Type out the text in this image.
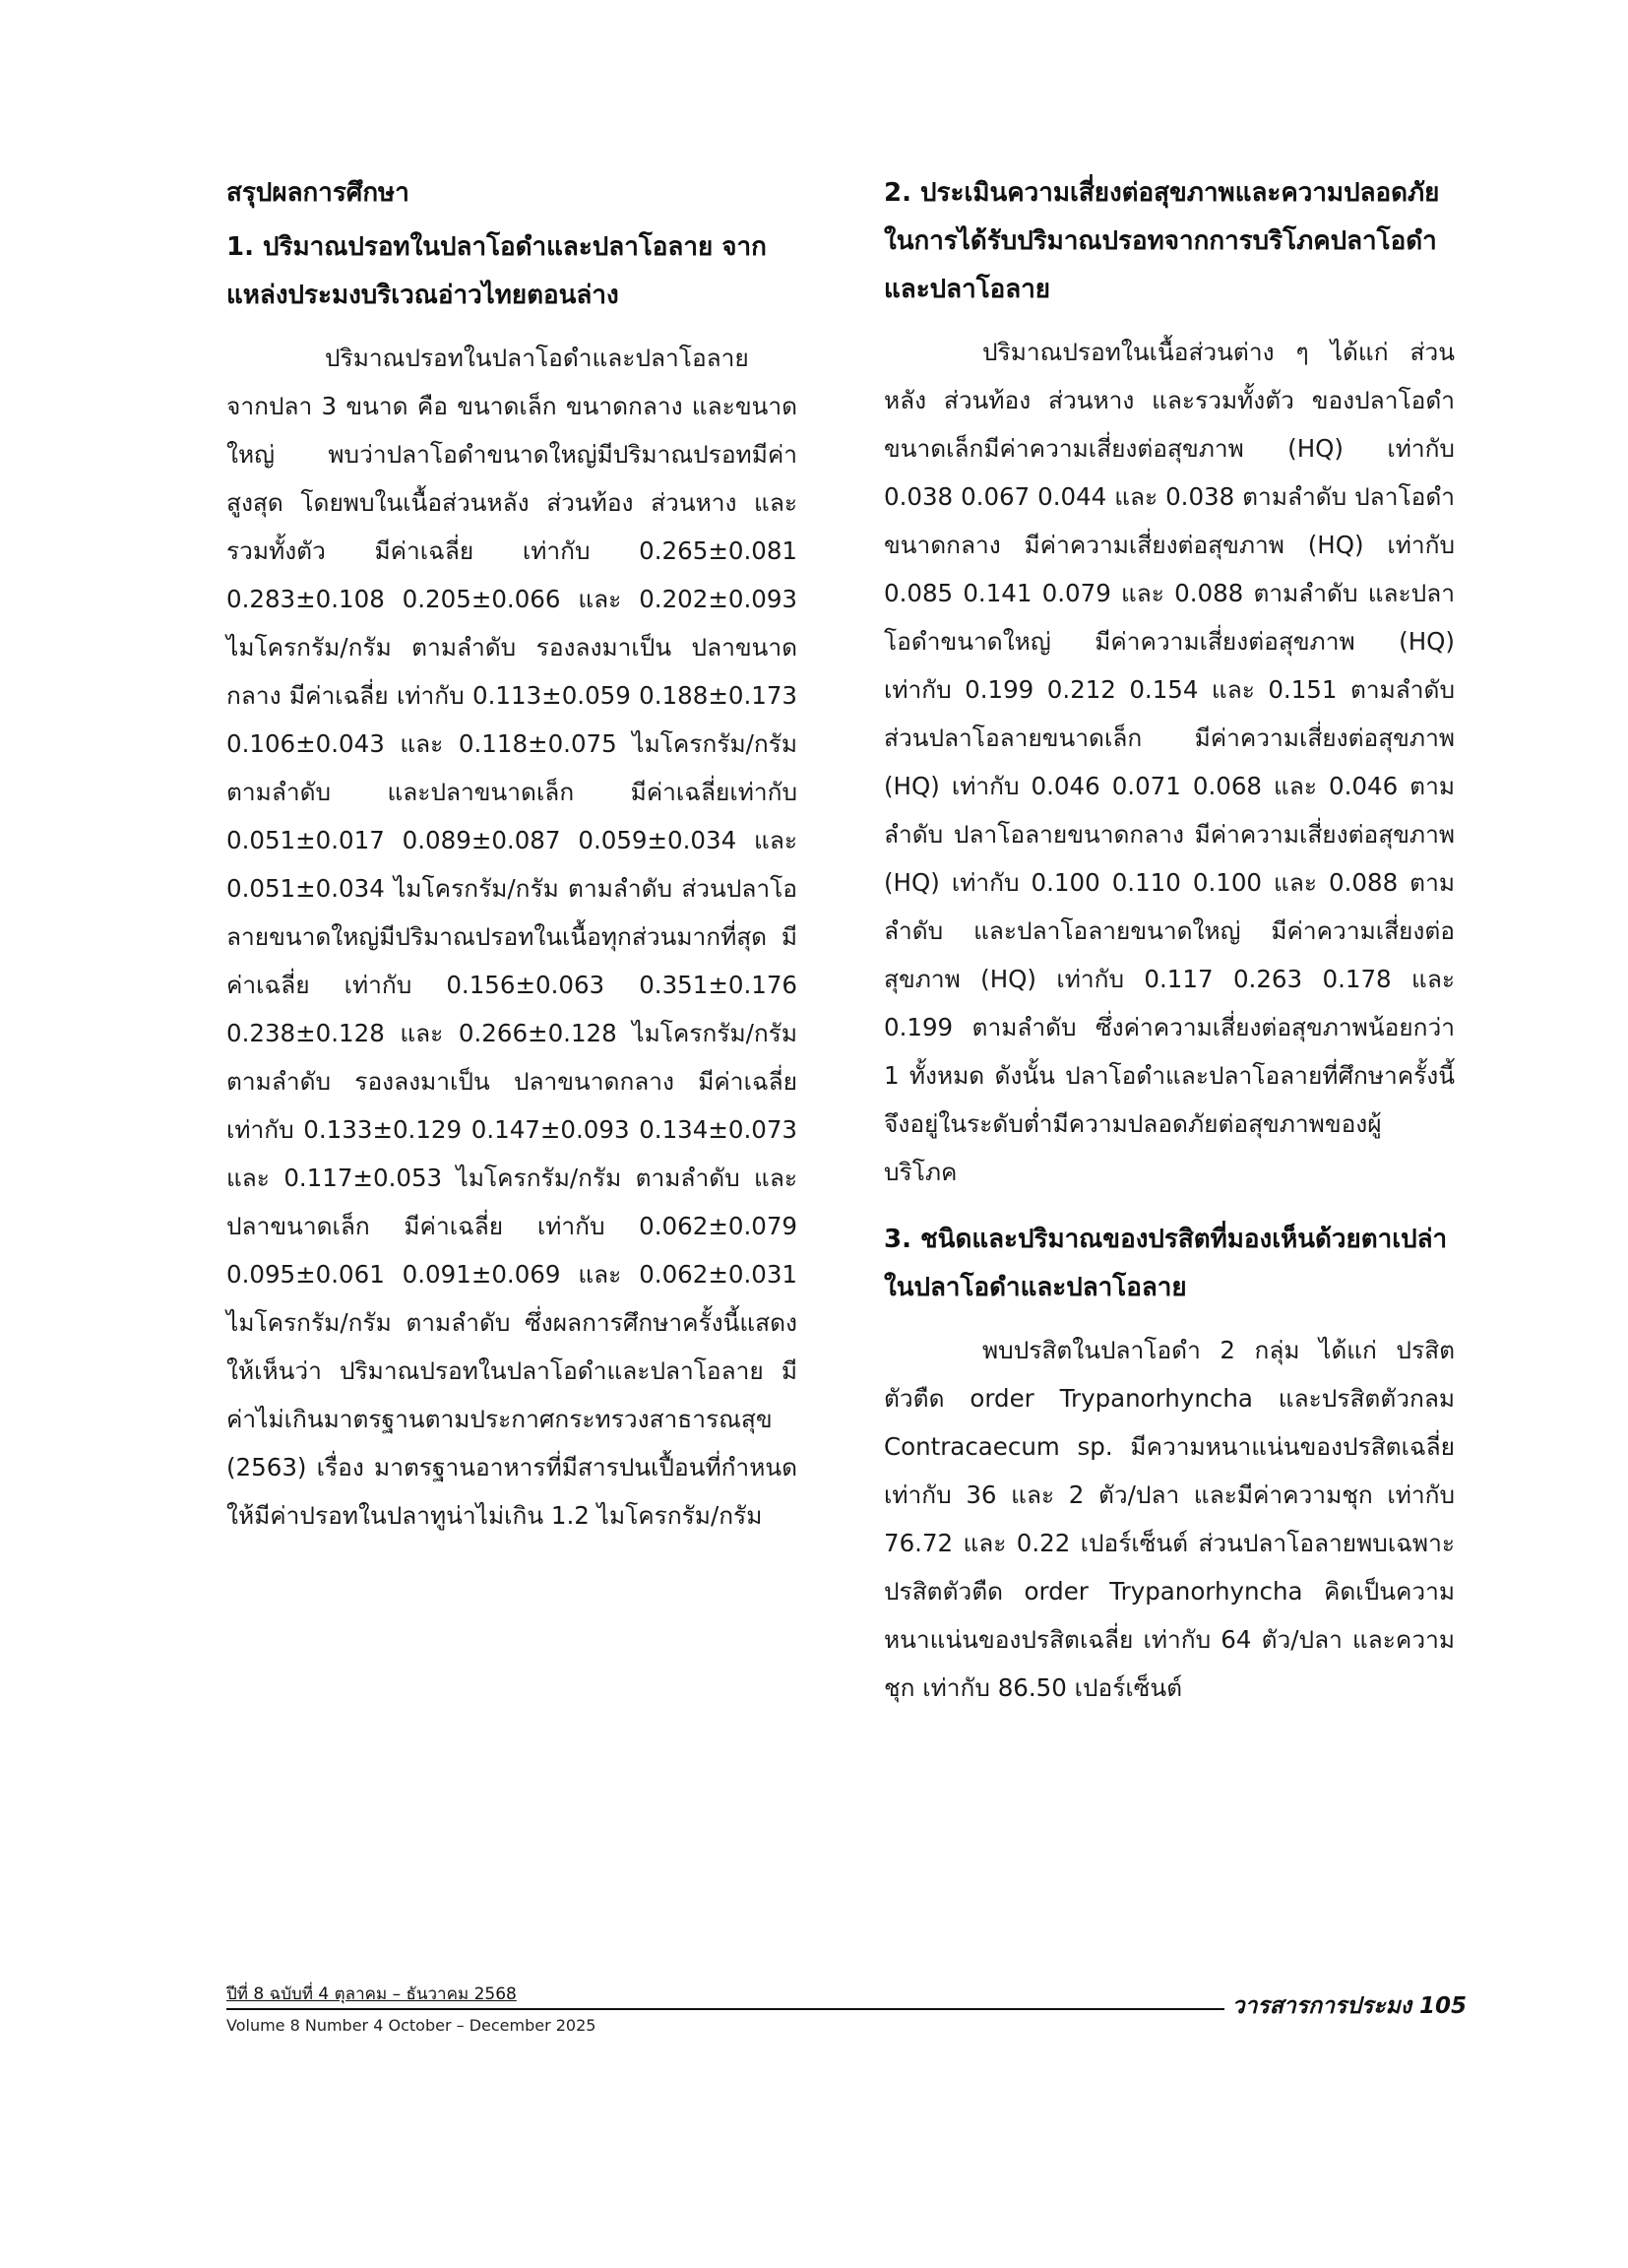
สรุปผลการศึกษา
1. ปริมาณปรอทในปลาโอดำและปลาโอลาย จากแหล่งประมงบริเวณอ่าวไทยตอนล่าง

ปริมาณปรอทในปลาโอดำและปลาโอลาย จากปลา 3 ขนาด คือ ขนาดเล็ก ขนาดกลาง และขนาดใหญ่ พบว่าปลาโอดำขนาดใหญ่มีปริมาณปรอทมีค่าสูงสุด โดยพบในเนื้อส่วนหลัง ส่วนท้อง ส่วนหาง และรวมทั้งตัว มีค่าเฉลี่ย เท่ากับ 0.265±0.081 0.283±0.108 0.205±0.066 และ 0.202±0.093 ไมโครกรัม/กรัม ตามลำดับ รองลงมาเป็น ปลาขนาดกลาง มีค่าเฉลี่ย เท่ากับ 0.113±0.059 0.188±0.173 0.106±0.043 และ 0.118±0.075 ไมโครกรัม/กรัม ตามลำดับ และปลาขนาดเล็ก มีค่าเฉลี่ยเท่ากับ 0.051±0.017 0.089±0.087 0.059±0.034 และ 0.051±0.034 ไมโครกรัม/กรัม ตามลำดับ ส่วนปลาโอลายขนาดใหญ่มีปริมาณปรอทในเนื้อทุกส่วนมากที่สุด มีค่าเฉลี่ย เท่ากับ 0.156±0.063 0.351±0.176 0.238±0.128 และ 0.266±0.128 ไมโครกรัม/กรัม ตามลำดับ รองลงมาเป็น ปลาขนาดกลาง มีค่าเฉลี่ย เท่ากับ 0.133±0.129 0.147±0.093 0.134±0.073 และ 0.117±0.053 ไมโครกรัม/กรัม ตามลำดับ และปลาขนาดเล็ก มีค่าเฉลี่ย เท่ากับ 0.062±0.079 0.095±0.061 0.091±0.069 และ 0.062±0.031 ไมโครกรัม/กรัม ตามลำดับ ซึ่งผลการศึกษาครั้งนี้แสดงให้เห็นว่า ปริมาณปรอทในปลาโอดำและปลาโอลาย มีค่าไม่เกินมาตรฐานตามประกาศกระทรวงสาธารณสุข (2563) เรื่อง มาตรฐานอาหารที่มีสารปนเปื้อนที่กำหนดให้มีค่าปรอทในปลาทูน่าไม่เกิน 1.2 ไมโครกรัม/กรัม

2. ประเมินความเสี่ยงต่อสุขภาพและความปลอดภัยในการได้รับปริมาณปรอทจากการบริโภคปลาโอดำและปลาโอลาย

ปริมาณปรอทในเนื้อส่วนต่าง ๆ ได้แก่ ส่วนหลัง ส่วนท้อง ส่วนหาง และรวมทั้งตัว ของปลาโอดำขนาดเล็กมีค่าความเสี่ยงต่อสุขภาพ (HQ) เท่ากับ 0.038 0.067 0.044 และ 0.038 ตามลำดับ ปลาโอดำขนาดกลาง มีค่าความเสี่ยงต่อสุขภาพ (HQ) เท่ากับ 0.085 0.141 0.079 และ 0.088 ตามลำดับ และปลาโอดำขนาดใหญ่ มีค่าความเสี่ยงต่อสุขภาพ (HQ) เท่ากับ 0.199 0.212 0.154 และ 0.151 ตามลำดับ ส่วนปลาโอลายขนาดเล็ก มีค่าความเสี่ยงต่อสุขภาพ (HQ) เท่ากับ 0.046 0.071 0.068 และ 0.046 ตามลำดับ ปลาโอลายขนาดกลาง มีค่าความเสี่ยงต่อสุขภาพ (HQ) เท่ากับ 0.100 0.110 0.100 และ 0.088 ตามลำดับ และปลาโอลายขนาดใหญ่ มีค่าความเสี่ยงต่อสุขภาพ (HQ) เท่ากับ 0.117 0.263 0.178 และ 0.199 ตามลำดับ ซึ่งค่าความเสี่ยงต่อสุขภาพน้อยกว่า 1 ทั้งหมด ดังนั้น ปลาโอดำและปลาโอลายที่ศึกษาครั้งนี้จึงอยู่ในระดับต่ำมีความปลอดภัยต่อสุขภาพของผู้บริโภค

3. ชนิดและปริมาณของปรสิตที่มองเห็นด้วยตาเปล่าในปลาโอดำและปลาโอลาย

พบปรสิตในปลาโอดำ 2 กลุ่ม ได้แก่ ปรสิตตัวตืด order Trypanorhyncha และปรสิตตัวกลม Contracaecum sp. มีความหนาแน่นของปรสิตเฉลี่ย เท่ากับ 36 และ 2 ตัว/ปลา และมีค่าความชุก เท่ากับ 76.72 และ 0.22 เปอร์เซ็นต์ ส่วนปลาโอลายพบเฉพาะปรสิตตัวตืด order Trypanorhyncha คิดเป็นความหนาแน่นของปรสิตเฉลี่ย เท่ากับ 64 ตัว/ปลา และความชุก เท่ากับ 86.50 เปอร์เซ็นต์

ปีที่ 8 ฉบับที่ 4 ตุลาคม – ธันวาคม 2568
Volume 8 Number 4 October – December 2025
วารสารการประมง 105
